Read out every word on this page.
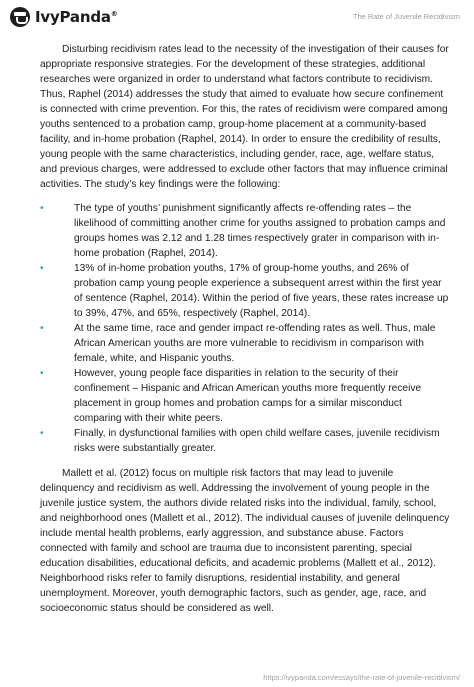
IvyPanda®	The Rate of Juvenile Recidivism

Disturbing recidivism rates lead to the necessity of the investigation of their causes for appropriate responsive strategies. For the development of these strategies, additional researches were organized in order to understand what factors contribute to recidivism. Thus, Raphel (2014) addresses the study that aimed to evaluate how secure confinement is connected with crime prevention. For this, the rates of recidivism were compared among youths sentenced to a probation camp, group-home placement at a community-based facility, and in-home probation (Raphel, 2014). In order to ensure the credibility of results, young people with the same characteristics, including gender, race, age, welfare status, and previous charges, were addressed to exclude other factors that may influence criminal activities. The study’s key findings were the following:

•	The type of youths’ punishment significantly affects re-offending rates – the likelihood of committing another crime for youths assigned to probation camps and groups homes was 2.12 and 1.28 times respectively grater in comparison with in-home probation (Raphel, 2014).
•	13% of in-home probation youths, 17% of group-home youths, and 26% of probation camp young people experience a subsequent arrest within the first year of sentence (Raphel, 2014). Within the period of five years, these rates increase up to 39%, 47%, and 65%, respectively (Raphel, 2014).
•	At the same time, race and gender impact re-offending rates as well. Thus, male African American youths are more vulnerable to recidivism in comparison with female, white, and Hispanic youths.
•	However, young people face disparities in relation to the security of their confinement – Hispanic and African American youths more frequently receive placement in group homes and probation camps for a similar misconduct comparing with their white peers.
•	Finally, in dysfunctional families with open child welfare cases, juvenile recidivism risks were substantially greater.

Mallett et al. (2012) focus on multiple risk factors that may lead to juvenile delinquency and recidivism as well. Addressing the involvement of young people in the juvenile justice system, the authors divide related risks into the individual, family, school, and neighborhood ones (Mallett et al., 2012). The individual causes of juvenile delinquency include mental health problems, early aggression, and substance abuse. Factors connected with family and school are trauma due to inconsistent parenting, special education disabilities, educational deficits, and academic problems (Mallett et al., 2012). Neighborhood risks refer to family disruptions, residential instability, and general unemployment. Moreover, youth demographic factors, such as gender, age, race, and socioeconomic status should be considered as well.

https://ivypanda.com/essays/the-rate-of-juvenile-recidivism/
